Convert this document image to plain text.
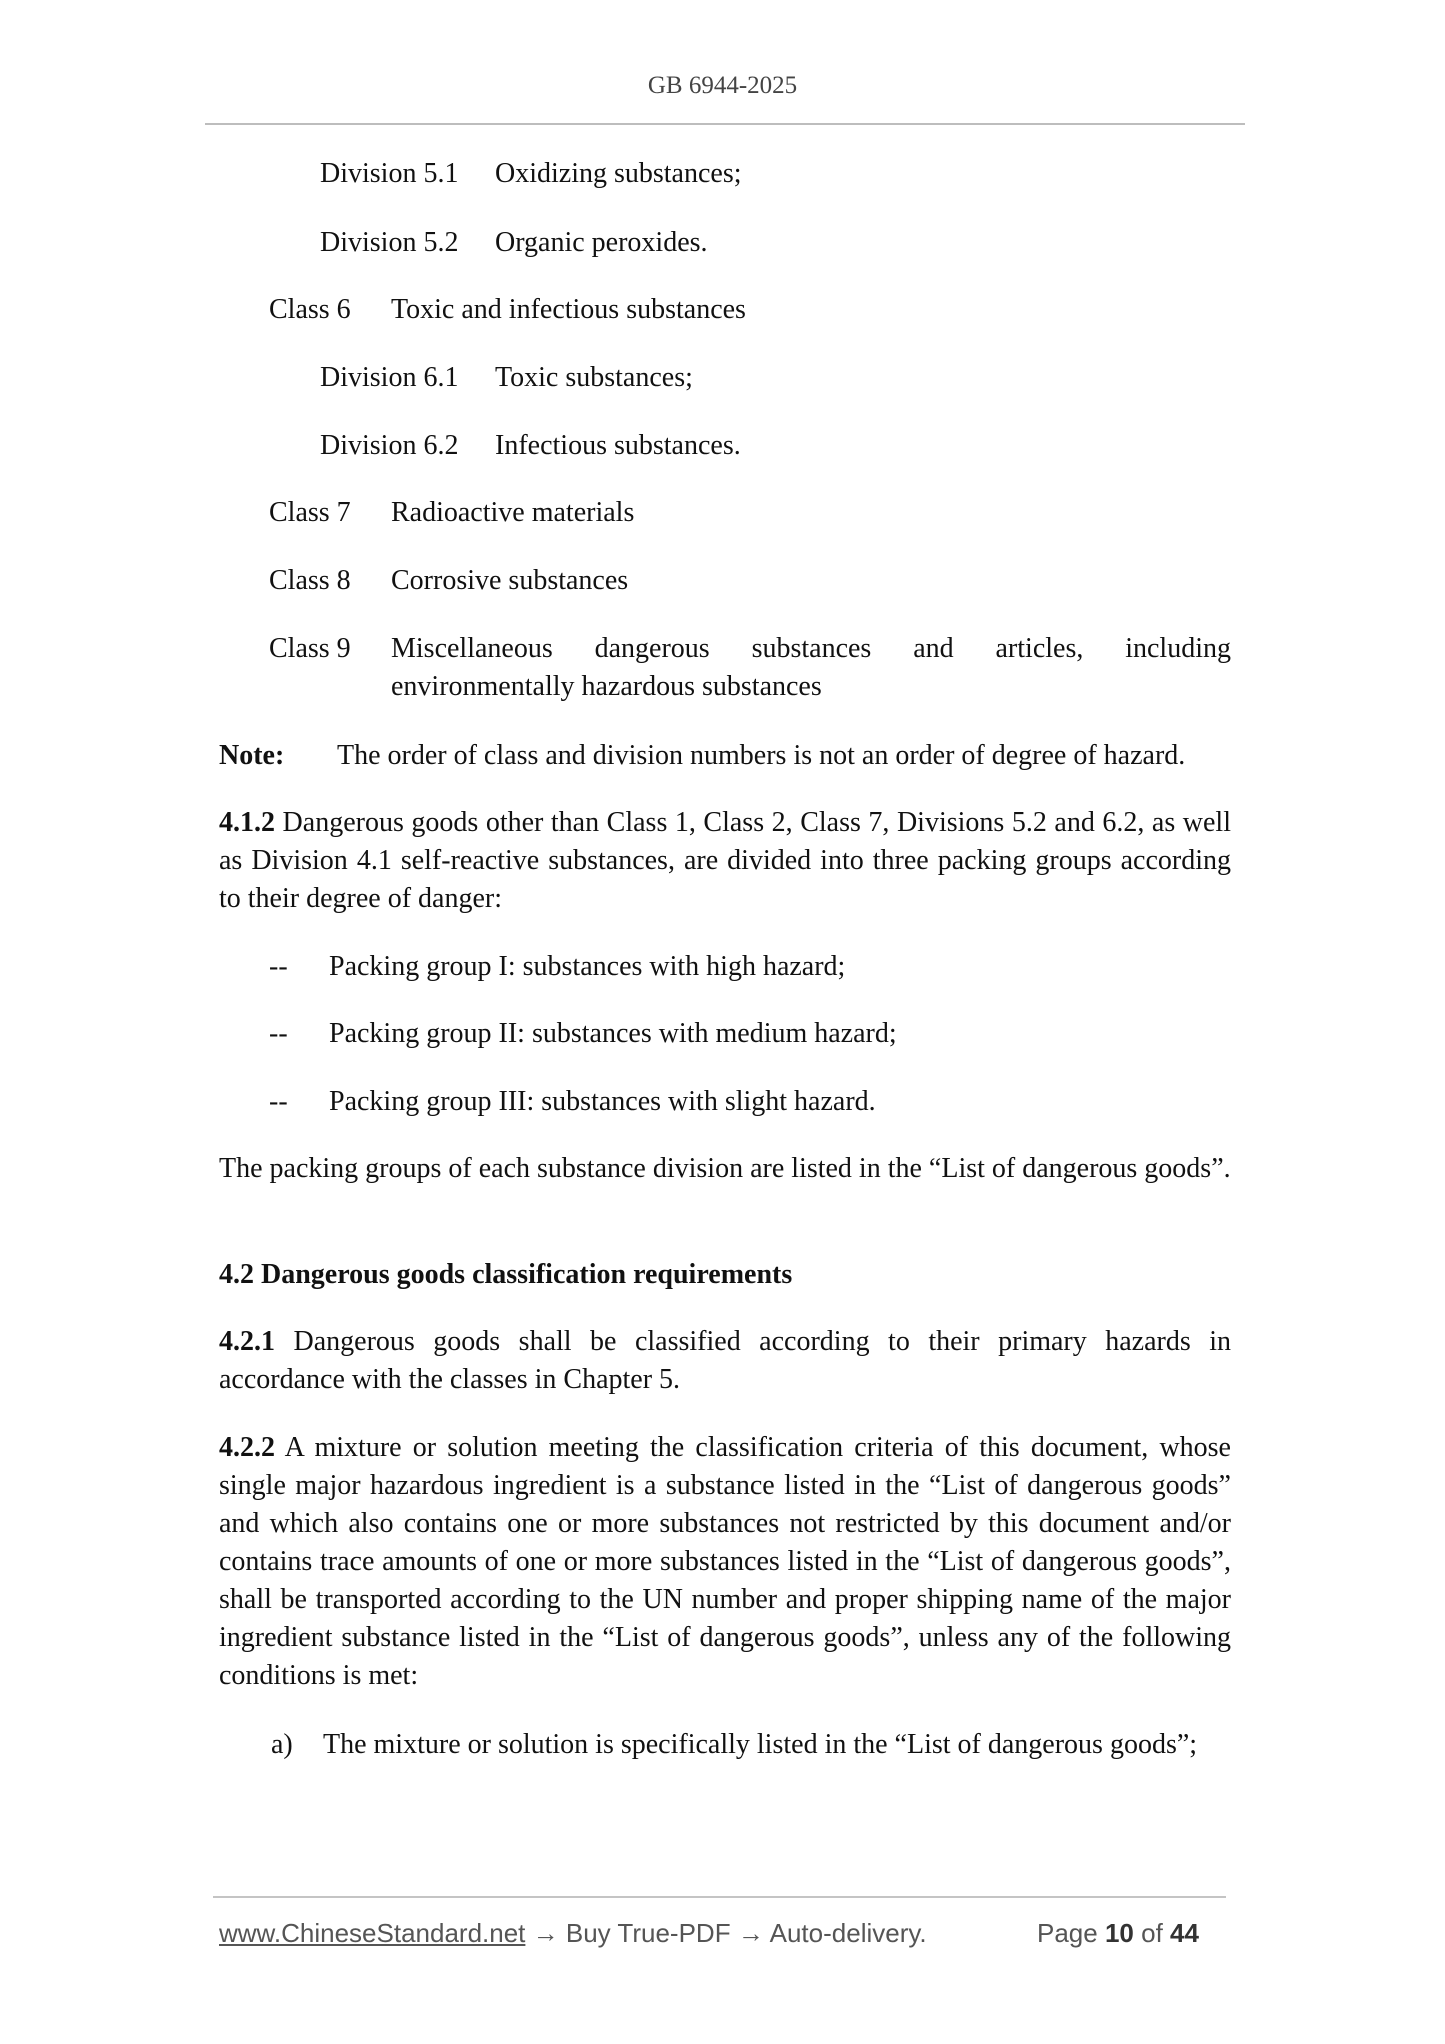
GB 6944-2025
Division 5.1 Oxidizing substances;
Division 5.2 Organic peroxides.
Class 6 Toxic and infectious substances
Division 6.1 Toxic substances;
Division 6.2 Infectious substances.
Class 7 Radioactive materials
Class 8 Corrosive substances
Class 9 Miscellaneous dangerous substances and articles, including
environmentally hazardous substances
Note: The order of class and division numbers is not an order of degree of hazard.
4.1.2 Dangerous goods other than Class 1, Class 2, Class 7, Divisions 5.2 and 6.2, as well as Division 4.1 self-reactive substances, are divided into three packing groups according to their degree of danger:
-- Packing group I: substances with high hazard;
-- Packing group II: substances with medium hazard;
-- Packing group III: substances with slight hazard.
The packing groups of each substance division are listed in the “List of dangerous goods”.
4.2 Dangerous goods classification requirements
4.2.1 Dangerous goods shall be classified according to their primary hazards in accordance with the classes in Chapter 5.
4.2.2 A mixture or solution meeting the classification criteria of this document, whose single major hazardous ingredient is a substance listed in the “List of dangerous goods” and which also contains one or more substances not restricted by this document and/or contains trace amounts of one or more substances listed in the “List of dangerous goods”, shall be transported according to the UN number and proper shipping name of the major ingredient substance listed in the “List of dangerous goods”, unless any of the following conditions is met:
a) The mixture or solution is specifically listed in the “List of dangerous goods”;
www.ChineseStandard.net → Buy True-PDF → Auto-delivery.	Page 10 of 44
